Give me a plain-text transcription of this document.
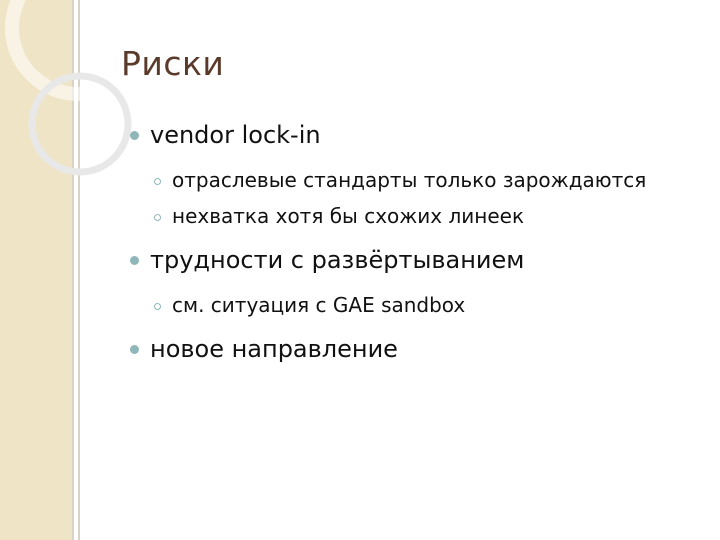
Риски
vendor lock-in
отраслевые стандарты только зарождаются
нехватка хотя бы схожих линеек
трудности с развёртыванием
см. ситуация с GAE sandbox
новое направление
